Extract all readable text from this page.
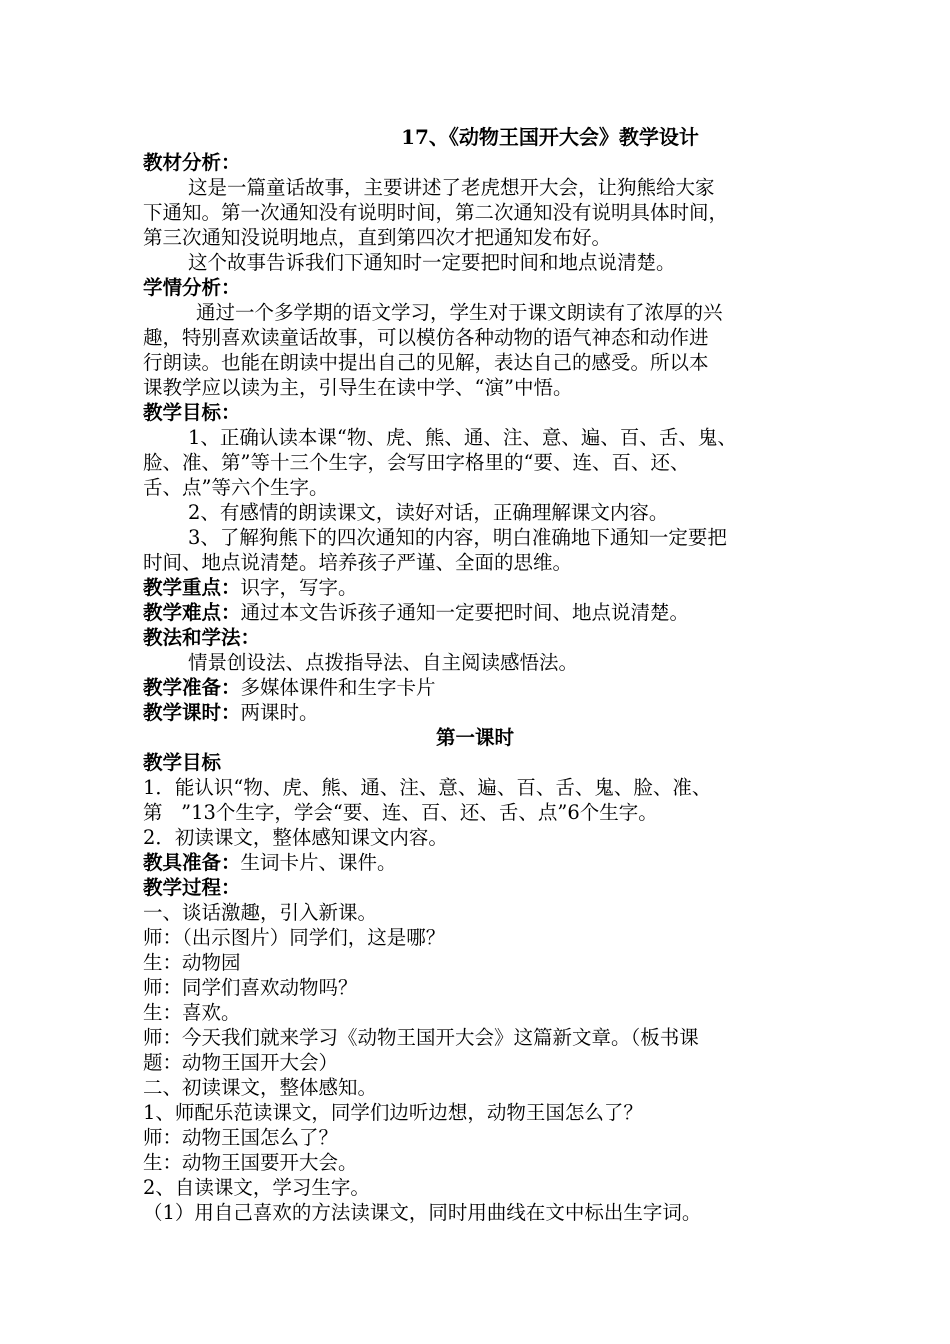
17、《动物王国开大会》教学设计
教材分析：
这是一篇童话故事，主要讲述了老虎想开大会，让狗熊给大家
下通知。第一次通知没有说明时间，第二次通知没有说明具体时间，
第三次通知没说明地点，直到第四次才把通知发布好。
这个故事告诉我们下通知时一定要把时间和地点说清楚。
学情分析：
通过一个多学期的语文学习，学生对于课文朗读有了浓厚的兴
趣，特别喜欢读童话故事，可以模仿各种动物的语气神态和动作进
行朗读。也能在朗读中提出自己的见解，表达自己的感受。所以本
课教学应以读为主，引导生在读中学、“演”中悟。
教学目标：
1、正确认读本课“物、虎、熊、通、注、意、遍、百、舌、鬼、
脸、准、第”等十三个生字，会写田字格里的“要、连、百、还、
舌、点”等六个生字。
2、有感情的朗读课文，读好对话，正确理解课文内容。
3、了解狗熊下的四次通知的内容，明白准确地下通知一定要把
时间、地点说清楚。培养孩子严谨、全面的思维。
教学重点：识字，写字。
教学难点：通过本文告诉孩子通知一定要把时间、地点说清楚。
教法和学法：
情景创设法、点拨指导法、自主阅读感悟法。
教学准备：多媒体课件和生字卡片
教学课时：两课时。
第一课时
教学目标
1．能认识“物、虎、熊、通、注、意、遍、百、舌、鬼、脸、准、
第   ”13个生字，学会“要、连、百、还、舌、点”6个生字。
2．初读课文，整体感知课文内容。
教具准备：生词卡片、课件。
教学过程：
一、谈话激趣，引入新课。
师：（出示图片）同学们，这是哪？
生：动物园
师：同学们喜欢动物吗？
生：喜欢。
师：今天我们就来学习《动物王国开大会》这篇新文章。（板书课
题：动物王国开大会）
二、初读课文，整体感知。
1、师配乐范读课文，同学们边听边想，动物王国怎么了？
师：动物王国怎么了？
生：动物王国要开大会。
2、自读课文，学习生字。
（1）用自己喜欢的方法读课文，同时用曲线在文中标出生字词。
